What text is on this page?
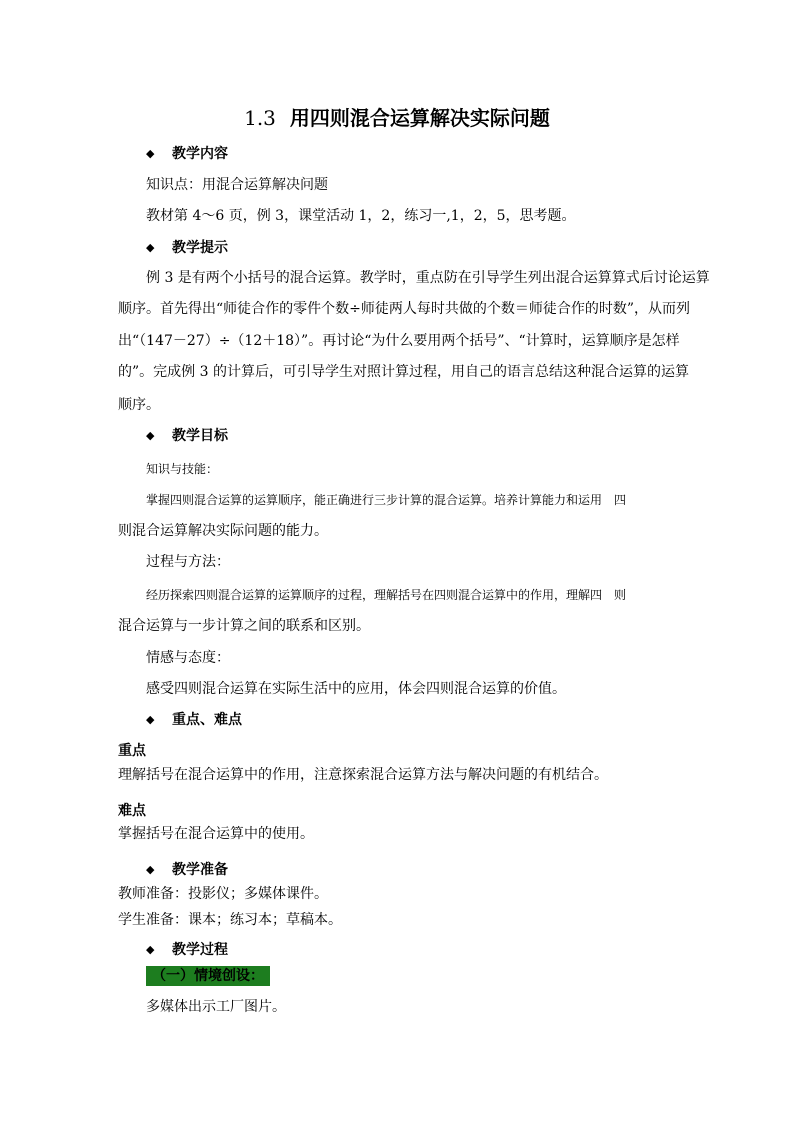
1.3 用四则混合运算解决实际问题
◆ 教学内容
知识点：用混合运算解决问题
教材第 4～6 页，例 3，课堂活动 1，2，练习一,1，2，5，思考题。
◆ 教学提示
例 3 是有两个小括号的混合运算。教学时，重点防在引导学生列出混合运算算式后讨论运算
顺序。首先得出“师徒合作的零件个数÷师徒两人每时共做的个数＝师徒合作的时数”，从而列
出“（147－27）÷（12＋18）”。再讨论“为什么要用两个括号”、“计算时，运算顺序是怎样
的”。完成例 3 的计算后，可引导学生对照计算过程，用自己的语言总结这种混合运算的运算
顺序。
◆ 教学目标
知识与技能：
掌握四则混合运算的运算顺序，能正确进行三步计算的混合运算。培养计算能力和运用　四
则混合运算解决实际问题的能力。
过程与方法：
经历探索四则混合运算的运算顺序的过程，理解括号在四则混合运算中的作用，理解四　则
混合运算与一步计算之间的联系和区别。
情感与态度：
感受四则混合运算在实际生活中的应用，体会四则混合运算的价值。
◆ 重点、难点
重点
理解括号在混合运算中的作用，注意探索混合运算方法与解决问题的有机结合。
难点
掌握括号在混合运算中的使用。
◆ 教学准备
教师准备：投影仪；多媒体课件。
学生准备：课本；练习本；草稿本。
◆ 教学过程
（一）情境创设：
多媒体出示工厂图片。
